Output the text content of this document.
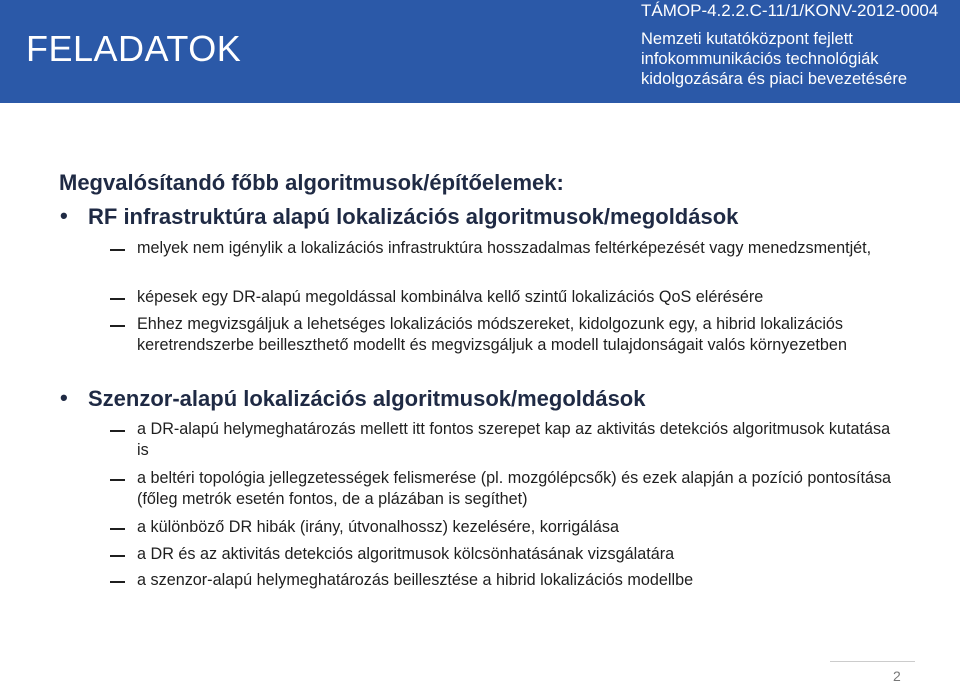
FELADATOK
TÁMOP-4.2.2.C-11/1/KONV-2012-0004
Nemzeti kutatóközpont fejlett infokommunikációs technológiák kidolgozására és piaci bevezetésére
Megvalósítandó főbb algoritmusok/építőelemek:
• RF infrastruktúra alapú lokalizációs algoritmusok/megoldások
melyek nem igénylik a lokalizációs infrastruktúra hosszadalmas feltérképezését vagy menedzsmentjét,
képesek egy DR-alapú megoldással kombinálva kellő szintű lokalizációs QoS elérésére
Ehhez megvizsgáljuk a lehetséges lokalizációs módszereket, kidolgozunk egy, a hibrid lokalizációs keretrendszerbe beilleszthető modellt és megvizsgáljuk a modell tulajdonságait valós környezetben
• Szenzor-alapú lokalizációs algoritmusok/megoldások
a DR-alapú helymeghatározás mellett itt fontos szerepet kap az aktivitás detekciós algoritmusok kutatása is
a beltéri topológia jellegzetességek felismerése (pl. mozgólépcsők) és ezek alapján a pozíció pontosítása (főleg metrók esetén fontos, de a plázában is segíthet)
a különböző DR hibák (irány, útvonalhossz) kezelésére, korrigálása
a DR és az aktivitás detekciós algoritmusok kölcsönhatásának vizsgálatára
a szenzor-alapú helymeghatározás beillesztése a hibrid lokalizációs modellbe
2
